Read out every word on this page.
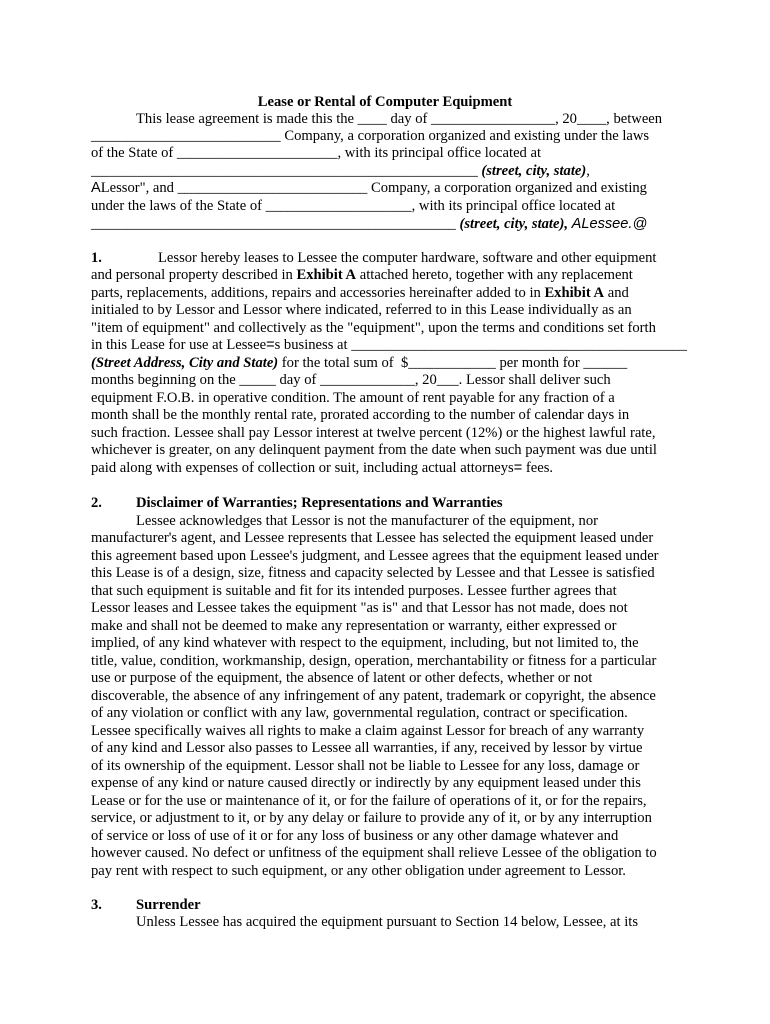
Lease or Rental of Computer Equipment
This lease agreement is made this the ____ day of _________________, 20____, between
__________________________ Company, a corporation organized and existing under the laws
of the State of ______________________, with its principal office located at
_____________________________________________________ (street, city, state),
ALessor", and __________________________ Company, a corporation organized and existing
under the laws of the State of ____________________, with its principal office located at
__________________________________________________ (street, city, state), ALessee.@
1.	Lessor hereby leases to Lessee the computer hardware, software and other equipment
and personal property described in Exhibit A attached hereto, together with any replacement
parts, replacements, additions, repairs and accessories hereinafter added to in Exhibit A and
initialed to by Lessor and Lessor where indicated, referred to in this Lease individually as an
"item of equipment" and collectively as the "equipment", upon the terms and conditions set forth
in this Lease for use at Lessee=s business at ______________________________________________
(Street Address, City and State) for the total sum of  $____________ per month for ______
months beginning on the _____ day of _____________, 20___. Lessor shall deliver such
equipment F.O.B. in operative condition. The amount of rent payable for any fraction of a
month shall be the monthly rental rate, prorated according to the number of calendar days in
such fraction. Lessee shall pay Lessor interest at twelve percent (12%) or the highest lawful rate,
whichever is greater, on any delinquent payment from the date when such payment was due until
paid along with expenses of collection or suit, including actual attorneys= fees.
2. Disclaimer of Warranties; Representations and Warranties
Lessee acknowledges that Lessor is not the manufacturer of the equipment, nor
manufacturer's agent, and Lessee represents that Lessee has selected the equipment leased under
this agreement based upon Lessee's judgment, and Lessee agrees that the equipment leased under
this Lease is of a design, size, fitness and capacity selected by Lessee and that Lessee is satisfied
that such equipment is suitable and fit for its intended purposes. Lessee further agrees that
Lessor leases and Lessee takes the equipment "as is" and that Lessor has not made, does not
make and shall not be deemed to make any representation or warranty, either expressed or
implied, of any kind whatever with respect to the equipment, including, but not limited to, the
title, value, condition, workmanship, design, operation, merchantability or fitness for a particular
use or purpose of the equipment, the absence of latent or other defects, whether or not
discoverable, the absence of any infringement of any patent, trademark or copyright, the absence
of any violation or conflict with any law, governmental regulation, contract or specification.
Lessee specifically waives all rights to make a claim against Lessor for breach of any warranty
of any kind and Lessor also passes to Lessee all warranties, if any, received by lessor by virtue
of its ownership of the equipment. Lessor shall not be liable to Lessee for any loss, damage or
expense of any kind or nature caused directly or indirectly by any equipment leased under this
Lease or for the use or maintenance of it, or for the failure of operations of it, or for the repairs,
service, or adjustment to it, or by any delay or failure to provide any of it, or by any interruption
of service or loss of use of it or for any loss of business or any other damage whatever and
however caused. No defect or unfitness of the equipment shall relieve Lessee of the obligation to
pay rent with respect to such equipment, or any other obligation under agreement to Lessor.
3. Surrender
Unless Lessee has acquired the equipment pursuant to Section 14 below, Lessee, at its
